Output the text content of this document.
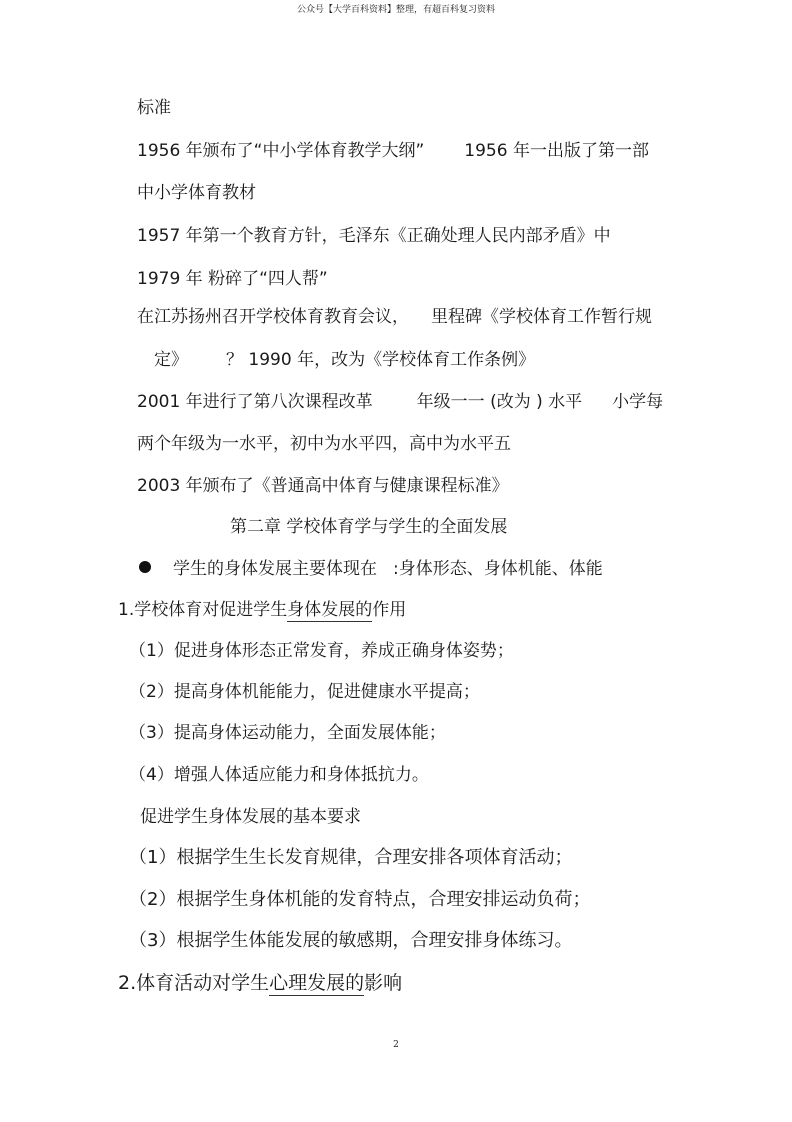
公众号【大学百科资料】整理，有超百科复习资料
标准
1956 年颁布了“中小学体育教学大纲” 1956 年一出版了第一部
中小学体育教材
1957 年第一个教育方针，毛泽东《正确处理人民内部矛盾》中
1979 年 粉碎了“四人帮”
在江苏扬州召开学校体育教育会议， 里程碑《学校体育工作暂行规
定》 ？ 1990 年，改为《学校体育工作条例》
2001 年进行了第八次课程改革	年级一一 (改为 ) 水平 小学每
两个年级为一水平，初中为水平四，高中为水平五
2003 年颁布了《普通高中体育与健康课程标准》
第二章 学校体育学与学生的全面发展
学生的身体发展主要体现在 :身体形态、身体机能、体能
1.学校体育对促进学生身体发展的作用
（1）促进身体形态正常发育，养成正确身体姿势；
（2）提高身体机能能力，促进健康水平提高；
（3）提高身体运动能力，全面发展体能；
（4）增强人体适应能力和身体抵抗力。
促进学生身体发展的基本要求
（1）根据学生生长发育规律，合理安排各项体育活动；
（2）根据学生身体机能的发育特点，合理安排运动负荷；
（3）根据学生体能发展的敏感期，合理安排身体练习。
2.体育活动对学生心理发展的影响
2
